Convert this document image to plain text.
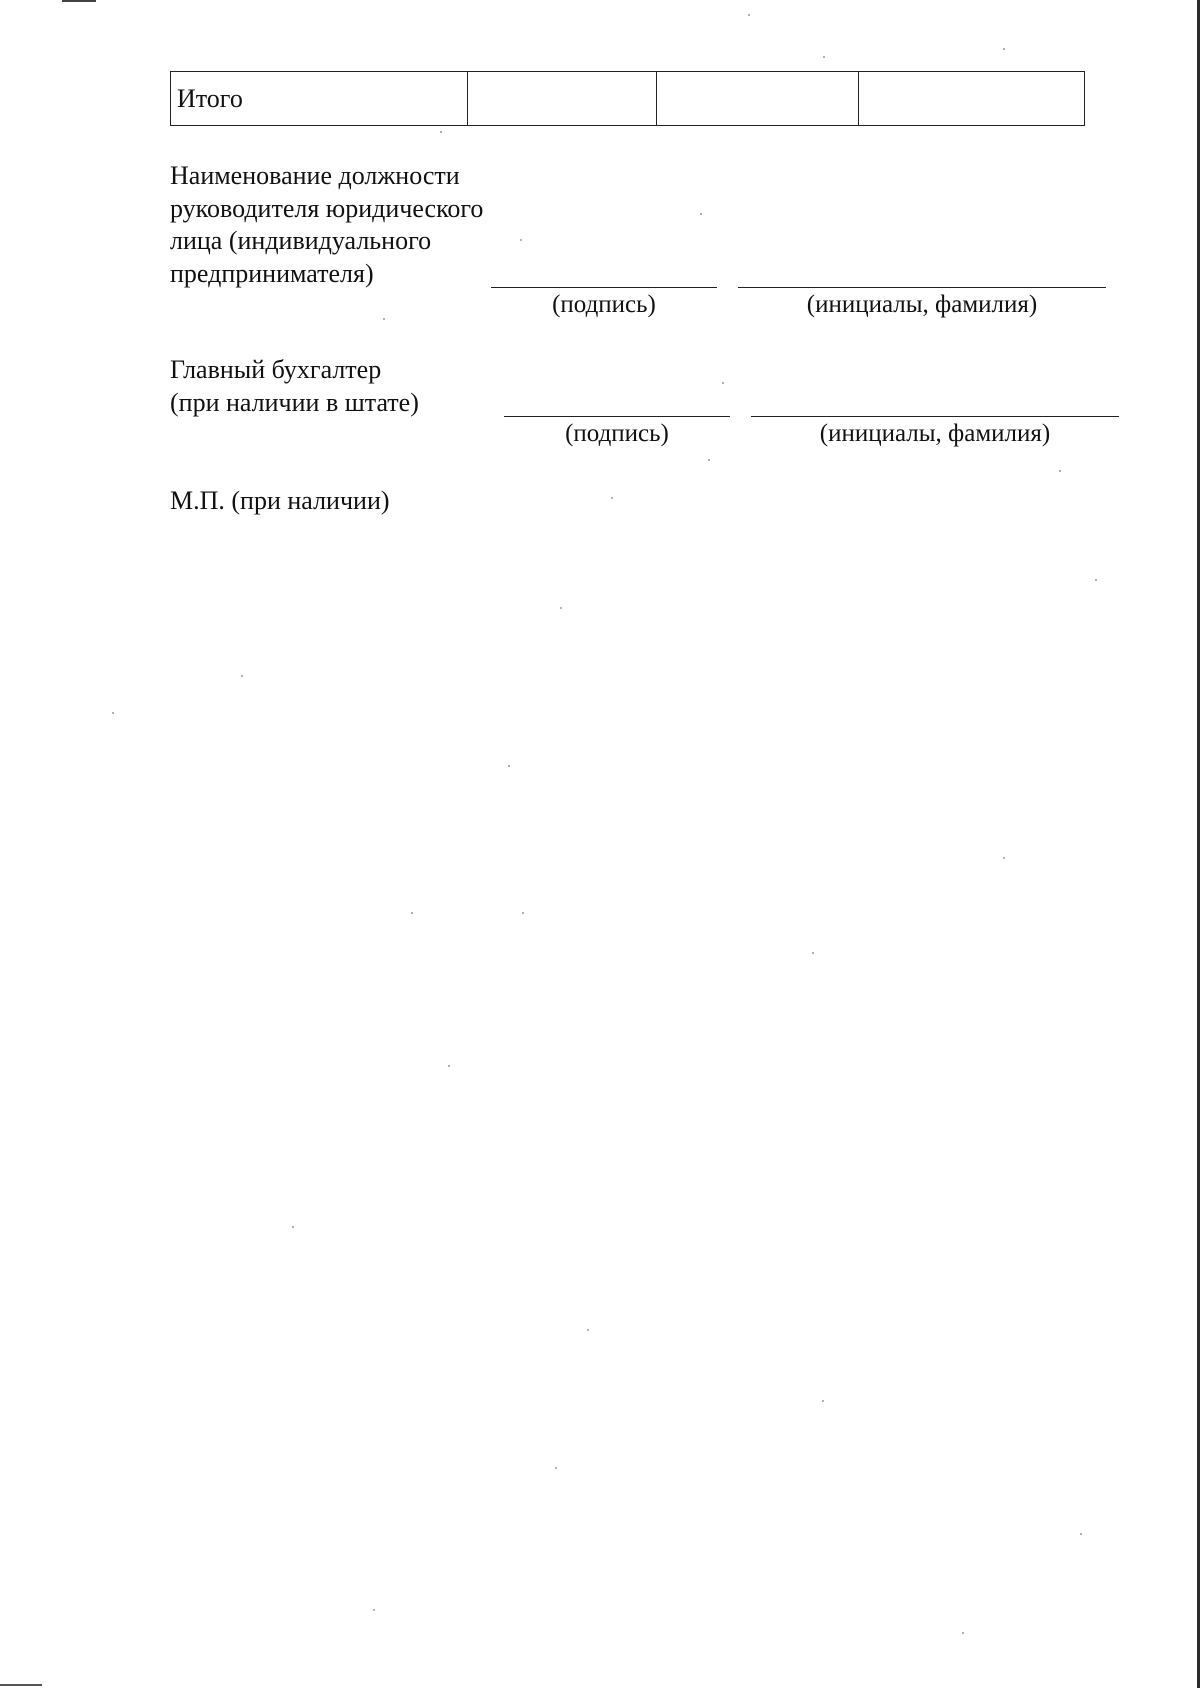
Итого			
Наименование должности
руководителя юридического
лица (индивидуального
предпринимателя)
(подпись)	(инициалы, фамилия)
Главный бухгалтер
(при наличии в штате)
(подпись)	(инициалы, фамилия)
М.П. (при наличии)
